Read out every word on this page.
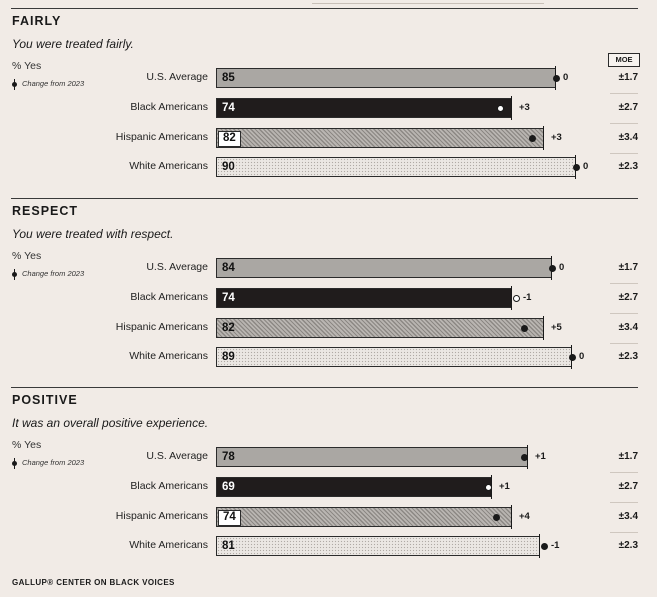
FAIRLY
You were treated fairly.
% Yes
Change from 2023
MOE
U.S. Average	85	0	±1.7
Black Americans	74	+3	±2.7
Hispanic Americans	82	+3	±3.4
White Americans	90	0	±2.3
RESPECT
You were treated with respect.
% Yes
Change from 2023
U.S. Average	84	0	±1.7
Black Americans	74	-1	±2.7
Hispanic Americans	82	+5	±3.4
White Americans	89	0	±2.3
POSITIVE
It was an overall positive experience.
% Yes
Change from 2023
U.S. Average	78	+1	±1.7
Black Americans	69	+1	±2.7
Hispanic Americans	74	+4	±3.4
White Americans	81	-1	±2.3
GALLUP® CENTER ON BLACK VOICES
